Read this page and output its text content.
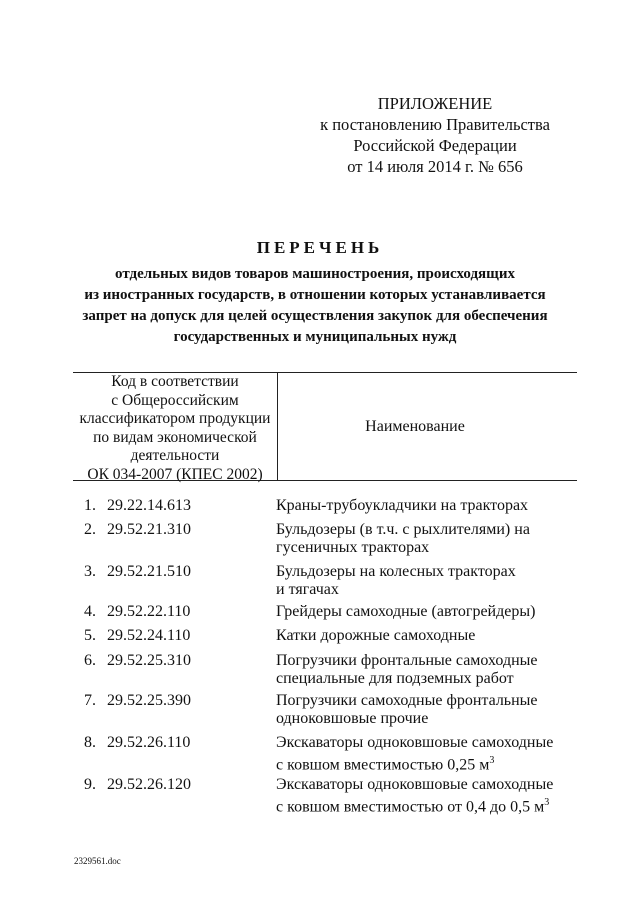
ПРИЛОЖЕНИЕ
к постановлению Правительства
Российской Федерации
от 14 июля 2014 г. № 656
ПЕРЕЧЕНЬ
отдельных видов товаров машиностроения, происходящих
из иностранных государств, в отношении которых устанавливается
запрет на допуск для целей осуществления закупок для обеспечения
государственных и муниципальных нужд
Код в соответствии
с Общероссийским
классификатором продукции
по видам экономической
деятельности
ОК 034-2007 (КПЕС 2002)
Наименование
1. 29.22.14.613	Краны-трубоукладчики на тракторах
2. 29.52.21.310	Бульдозеры (в т.ч. с рыхлителями) на
гусеничных тракторах
3. 29.52.21.510	Бульдозеры на колесных тракторах
и тягачах
4. 29.52.22.110	Грейдеры самоходные (автогрейдеры)
5. 29.52.24.110	Катки дорожные самоходные
6. 29.52.25.310	Погрузчики фронтальные самоходные
специальные для подземных работ
7. 29.52.25.390	Погрузчики самоходные фронтальные
одноковшовые прочие
8. 29.52.26.110	Экскаваторы одноковшовые самоходные
с ковшом вместимостью 0,25 $м^3$
9. 29.52.26.120	Экскаваторы одноковшовые самоходные
с ковшом вместимостью от 0,4 до 0,5 $м^3$
2329561.doc
